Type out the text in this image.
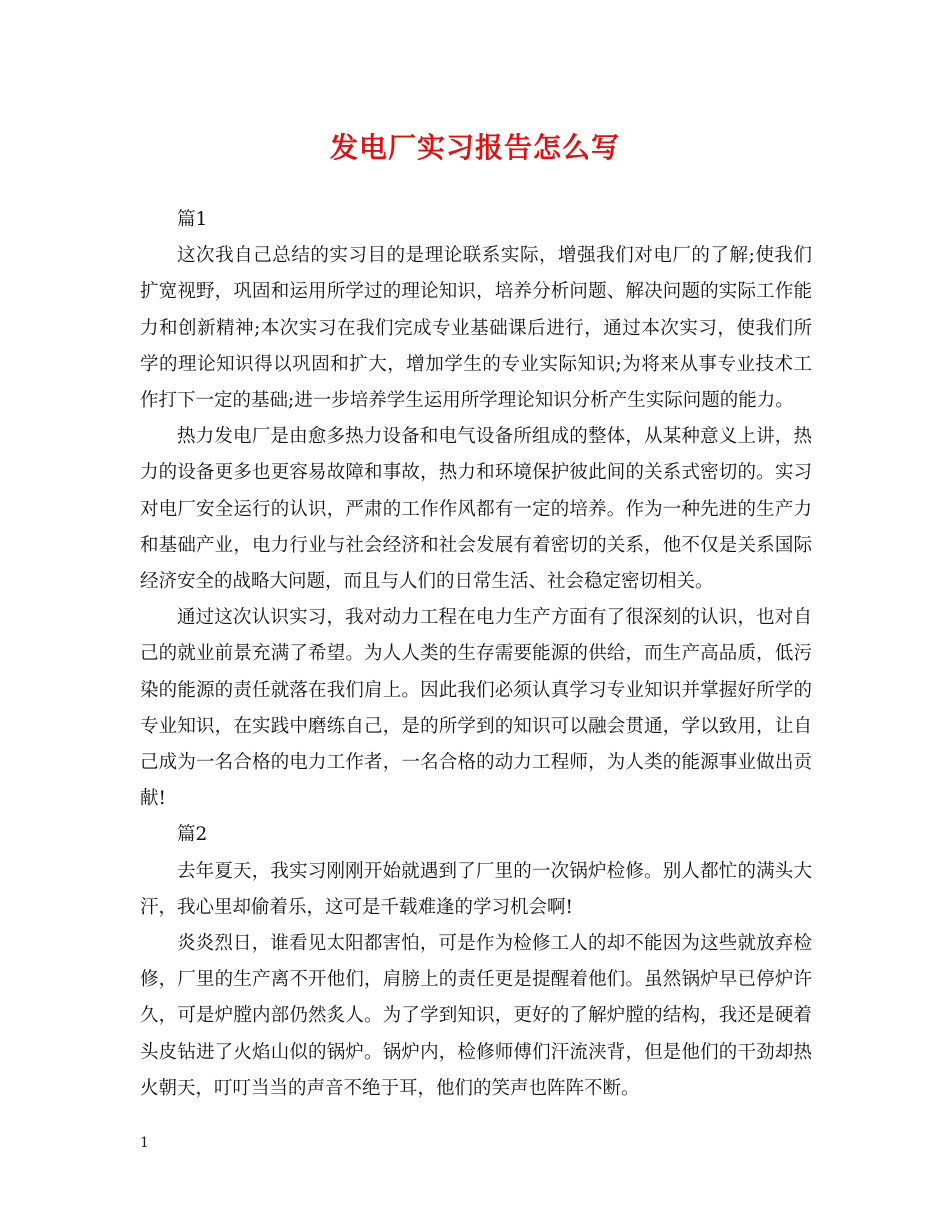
发电厂实习报告怎么写

篇1

这次我自己总结的实习目的是理论联系实际，增强我们对电厂的了解;使我们扩宽视野，巩固和运用所学过的理论知识，培养分析问题、解决问题的实际工作能力和创新精神;本次实习在我们完成专业基础课后进行，通过本次实习，使我们所学的理论知识得以巩固和扩大，增加学生的专业实际知识;为将来从事专业技术工作打下一定的基础;进一步培养学生运用所学理论知识分析产生实际问题的能力。

热力发电厂是由愈多热力设备和电气设备所组成的整体，从某种意义上讲，热力的设备更多也更容易故障和事故，热力和环境保护彼此间的关系式密切的。实习对电厂安全运行的认识，严肃的工作作风都有一定的培养。作为一种先进的生产力和基础产业，电力行业与社会经济和社会发展有着密切的关系，他不仅是关系国际经济安全的战略大问题，而且与人们的日常生活、社会稳定密切相关。

通过这次认识实习，我对动力工程在电力生产方面有了很深刻的认识，也对自己的就业前景充满了希望。为人人类的生存需要能源的供给，而生产高品质，低污染的能源的责任就落在我们肩上。因此我们必须认真学习专业知识并掌握好所学的专业知识，在实践中磨练自己，是的所学到的知识可以融会贯通，学以致用，让自己成为一名合格的电力工作者，一名合格的动力工程师，为人类的能源事业做出贡献!

篇2

去年夏天，我实习刚刚开始就遇到了厂里的一次锅炉检修。别人都忙的满头大汗，我心里却偷着乐，这可是千载难逢的学习机会啊!

炎炎烈日，谁看见太阳都害怕，可是作为检修工人的却不能因为这些就放弃检修，厂里的生产离不开他们，肩膀上的责任更是提醒着他们。虽然锅炉早已停炉许久，可是炉膛内部仍然炙人。为了学到知识，更好的了解炉膛的结构，我还是硬着头皮钻进了火焰山似的锅炉。锅炉内，检修师傅们汗流浃背，但是他们的干劲却热火朝天，叮叮当当的声音不绝于耳，他们的笑声也阵阵不断。

1
